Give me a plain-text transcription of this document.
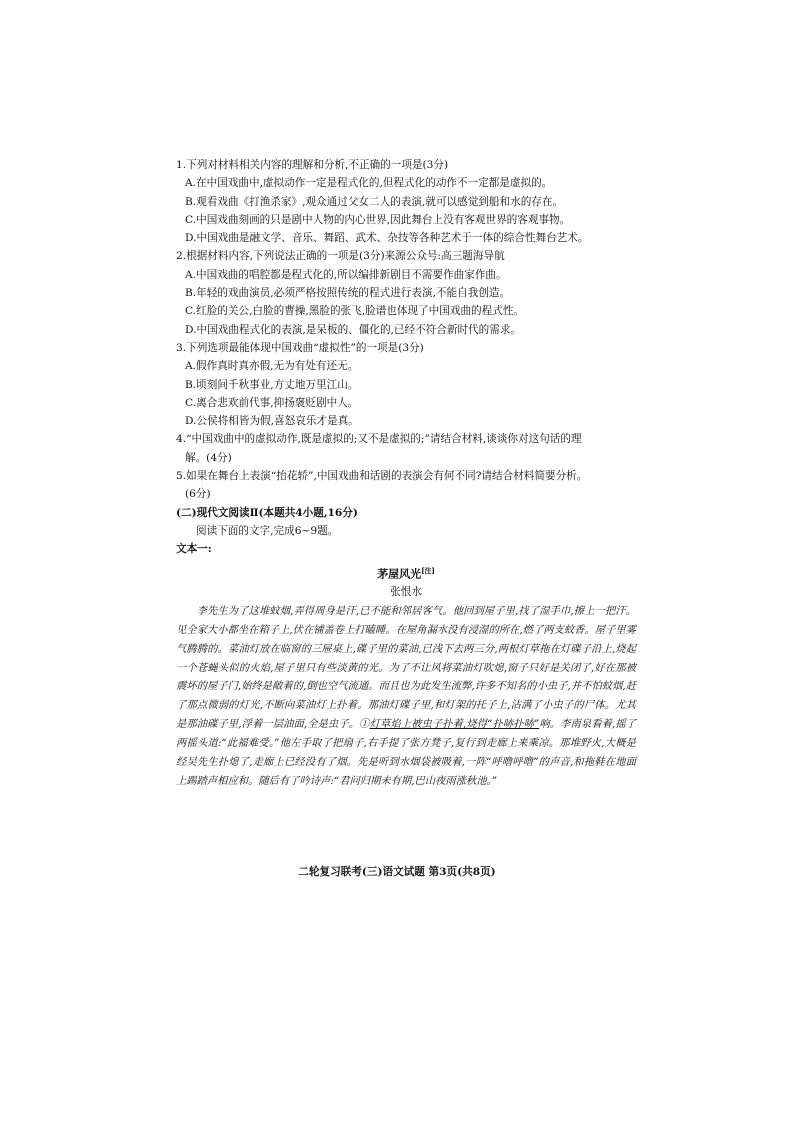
1.下列对材料相关内容的理解和分析,不正确的一项是(3分)

A.在中国戏曲中,虚拟动作一定是程式化的,但程式化的动作不一定都是虚拟的。

B.观看戏曲《打渔杀家》,观众通过父女二人的表演,就可以感觉到船和水的存在。

C.中国戏曲刻画的只是剧中人物的内心世界,因此舞台上没有客观世界的客观事物。

D.中国戏曲是融文学、音乐、舞蹈、武术、杂技等各种艺术于一体的综合性舞台艺术。

2.根据材料内容,下列说法正确的一项是(3分)来源公众号:高三题海导航

A.中国戏曲的唱腔都是程式化的,所以编排新剧目不需要作曲家作曲。

B.年轻的戏曲演员,必须严格按照传统的程式进行表演,不能自我创造。

C.红脸的关公,白脸的曹操,黑脸的张飞,脸谱也体现了中国戏曲的程式性。

D.中国戏曲程式化的表演,是呆板的、僵化的,已经不符合新时代的需求。

3.下列选项最能体现中国戏曲“虚拟性”的一项是(3分)

A.假作真时真亦假,无为有处有还无。

B.顷刻间千秋事业,方丈地万里江山。

C.离合悲欢前代事,抑扬褒贬剧中人。

D.公侯将相皆为假,喜怒哀乐才是真。

4.“中国戏曲中的虚拟动作,既是虚拟的;又不是虚拟的;”请结合材料,谈谈你对这句话的理

解。(4分)

5.如果在舞台上表演“抬花轿”,中国戏曲和话剧的表演会有何不同?请结合材料简要分析。

(6分)

(二)现代文阅读Ⅱ(本题共4小题,16分)

阅读下面的文字,完成6~9题。

文本一:

茅屋风光[注]

张恨水

李先生为了这堆蚊烟,弄得周身是汗,已不能和邻居客气。他回到屋子里,找了湿手巾,擦上一把汗。见全家大小都坐在箱子上,伏在铺盖卷上打瞌睡。在屋角漏水没有浸湿的所在,燃了两支蚊香。屋子里雾气腾腾的。菜油灯放在临窗的三屉桌上,碟子里的菜油,已浅下去两三分,两根灯草拖在灯碟子沿上,烧起一个苍蝇头似的火焰,屋子里只有些淡黄的光。为了不让风将菜油灯吹熄,窗子只好是关闭了,好在那被震坏的屋子门,始终是敞着的,倒也空气流通。而且也为此发生流弊,许多不知名的小虫子,并不怕蚊烟,赶了那点微弱的灯光,不断向菜油灯上扑着。那油灯碟子里,和灯架的托子上,沾满了小虫子的尸体。尤其是那油碟子里,浮着一层油面,全是虫子。①灯草焰上被虫子扑着,烧得“扑哧扑哧”响。李南泉看着,摇了两摇头道:“此福难受。”他左手取了把扇子,右手提了张方凳子,复行到走廊上来乘凉。那堆野火,大概是经吴先生扑熄了,走廊上已经没有了烟。先是听到水烟袋被吸着,一阵“呼噜呼噜”的声音,和拖鞋在地面上踢踏声相应和。随后有了吟诗声:“君问归期未有期,巴山夜雨涨秋池。”

二轮复习联考(三)语文试题 第3页(共8页)
